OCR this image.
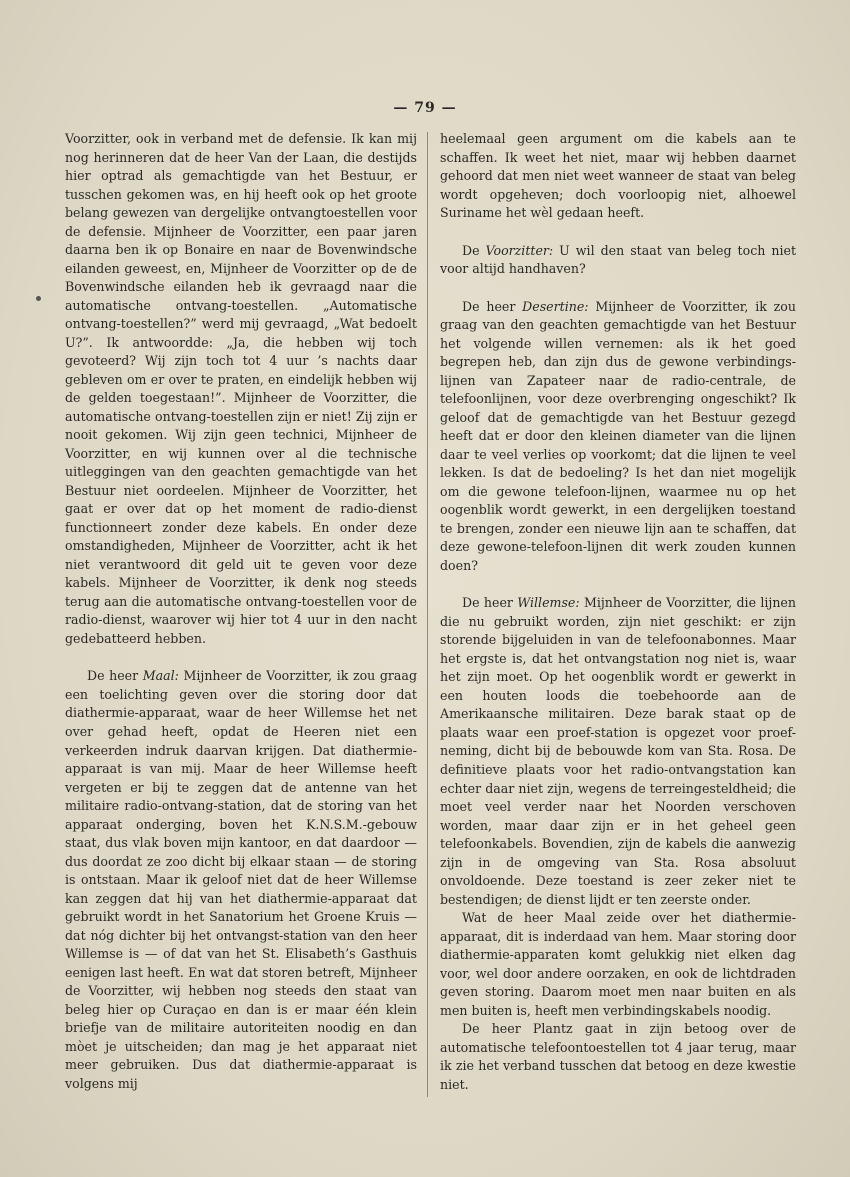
— 79 —

Voorzitter, ook in verband met de defensie. Ik kan mij nog herinneren dat de heer Van der Laan, die destijds hier optrad als gemachtigde van het Bestuur, er tusschen gekomen was, en hij heeft ook op het groote belang gewezen van dergelijke ontvangtoestellen voor de defensie. Mijnheer de Voorzitter, een paar jaren daarna ben ik op Bonaire en naar de Bovenwindsche eilanden geweest, en, Mijnheer de Voorzitter op de de Bovenwindsche eilanden heb ik gevraagd naar die automatische ontvang-toestellen. „Automatische ontvang-toestellen?” werd mij gevraagd, „Wat bedoelt U?”. Ik antwoordde: „Ja, die hebben wij toch gevoteerd? Wij zijn toch tot 4 uur ’s nachts daar gebleven om er over te praten, en eindelijk hebben wij de gelden toegestaan!”. Mijnheer de Voorzitter, die automatische ontvang-toestellen zijn er niet! Zij zijn er nooit gekomen. Wij zijn geen technici, Mijnheer de Voorzitter, en wij kunnen over al die technische uitleggingen van den geachten gemachtigde van het Bestuur niet oordeelen. Mijnheer de Voorzitter, het gaat er over dat op het moment de radio-dienst functionneert zonder deze kabels. En onder deze omstandigheden, Mijnheer de Voorzitter, acht ik het niet verantwoord dit geld uit te geven voor deze kabels. Mijnheer de Voorzitter, ik denk nog steeds terug aan die automatische ontvang-toestellen voor de radio-dienst, waarover wij hier tot 4 uur in den nacht gedebatteerd hebben.

De heer Maal: Mijnheer de Voorzitter, ik zou graag een toelichting geven over die storing door dat diathermie-apparaat, waar de heer Willemse het net over gehad heeft, opdat de Heeren niet een verkeerden indruk daarvan krijgen. Dat diathermie-apparaat is van mij. Maar de heer Willemse heeft vergeten er bij te zeggen dat de antenne van het militaire radio-ontvang-station, dat de storing van het apparaat onderging, boven het K.N.S.M.-gebouw staat, dus vlak boven mijn kantoor, en dat daardoor — dus doordat ze zoo dicht bij elkaar staan — de storing is ontstaan. Maar ik geloof niet dat de heer Willemse kan zeggen dat hij van het diathermie-apparaat dat gebruikt wordt in het Sanatorium het Groene Kruis — dat nóg dichter bij het ontvangst-station van den heer Willemse is — of dat van het St. Elisabeth’s Gasthuis eenigen last heeft. En wat dat storen betreft, Mijnheer de Voorzitter, wij hebben nog steeds den staat van beleg hier op Curaçao en dan is er maar één klein briefje van de militaire autoriteiten noodig en dan mòet je uitscheiden; dan mag je het apparaat niet meer gebruiken. Dus dat diathermie-apparaat is volgens mij

heelemaal geen argument om die kabels aan te schaffen. Ik weet het niet, maar wij hebben daarnet gehoord dat men niet weet wanneer de staat van beleg wordt opgeheven; doch voorloopig niet, alhoewel Suriname het wèl gedaan heeft.

De Voorzitter: U wil den staat van beleg toch niet voor altijd handhaven?

De heer Desertine: Mijnheer de Voorzitter, ik zou graag van den geachten gemachtigde van het Bestuur het volgende willen vernemen: als ik het goed begrepen heb, dan zijn dus de gewone verbindings-lijnen van Zapateer naar de radio-centrale, de telefoonlijnen, voor deze overbrenging ongeschikt? Ik geloof dat de gemachtigde van het Bestuur gezegd heeft dat er door den kleinen diameter van die lijnen daar te veel verlies op voorkomt; dat die lijnen te veel lekken. Is dat de bedoeling? Is het dan niet mogelijk om die gewone telefoon-lijnen, waarmee nu op het oogenblik wordt gewerkt, in een dergelijken toestand te brengen, zonder een nieuwe lijn aan te schaffen, dat deze gewone-telefoon-lijnen dit werk zouden kunnen doen?

De heer Willemse: Mijnheer de Voorzitter, die lijnen die nu gebruikt worden, zijn niet geschikt: er zijn storende bijgeluiden in van de telefoonabonnes. Maar het ergste is, dat het ontvangstation nog niet is, waar het zijn moet. Op het oogenblik wordt er gewerkt in een houten loods die toebehoorde aan de Amerikaansche militairen. Deze barak staat op de plaats waar een proef-station is opgezet voor proef-neming, dicht bij de bebouwde kom van Sta. Rosa. De definitieve plaats voor het radio-ontvangstation kan echter daar niet zijn, wegens de terreingesteldheid; die moet veel verder naar het Noorden verschoven worden, maar daar zijn er in het geheel geen telefoonkabels. Bovendien, zijn de kabels die aanwezig zijn in de omgeving van Sta. Rosa absoluut onvoldoende. Deze toestand is zeer zeker niet te bestendigen; de dienst lijdt er ten zeerste onder.

Wat de heer Maal zeide over het diathermie-apparaat, dit is inderdaad van hem. Maar storing door diathermie-apparaten komt gelukkig niet elken dag voor, wel door andere oorzaken, en ook de lichtdraden geven storing. Daarom moet men naar buiten en als men buiten is, heeft men verbindingskabels noodig.

De heer Plantz gaat in zijn betoog over de automatische telefoontoestellen tot 4 jaar terug, maar ik zie het verband tusschen dat betoog en deze kwestie niet.
